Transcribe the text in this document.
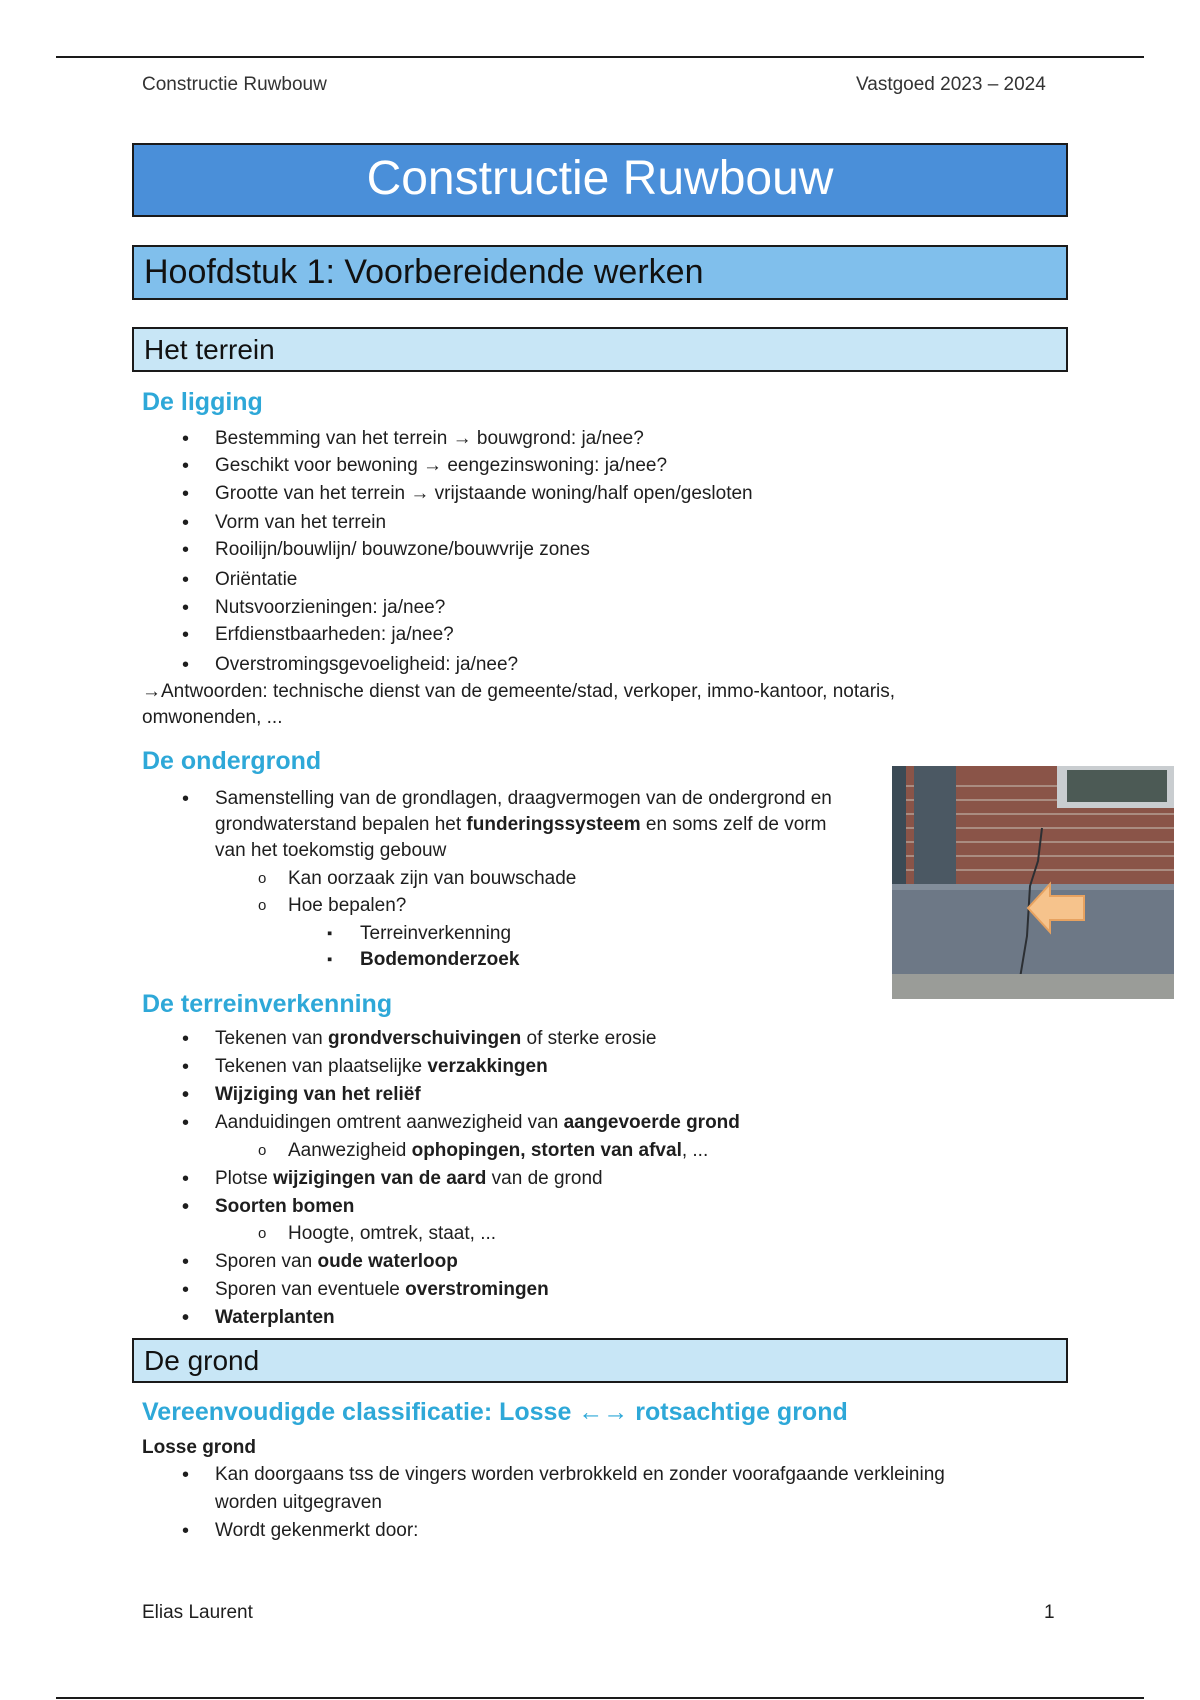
Constructie Ruwbouw	Vastgoed 2023 – 2024
Constructie Ruwbouw
Hoofdstuk 1: Voorbereidende werken
Het terrein
De ligging
• Bestemming van het terrein → bouwgrond: ja/nee?
• Geschikt voor bewoning → eengezinswoning: ja/nee?
• Grootte van het terrein → vrijstaande woning/half open/gesloten
• Vorm van het terrein
• Rooilijn/bouwlijn/ bouwzone/bouwvrije zones
• Oriëntatie
• Nutsvoorzieningen: ja/nee?
• Erfdienstbaarheden: ja/nee?
• Overstromingsgevoeligheid: ja/nee?
→Antwoorden: technische dienst van de gemeente/stad, verkoper, immo-kantoor, notaris,
omwonenden, ...
De ondergrond
• Samenstelling van de grondlagen, draagvermogen van de ondergrond en
grondwaterstand bepalen het funderingssysteem en soms zelf de vorm
van het toekomstig gebouw
o Kan oorzaak zijn van bouwschade
o Hoe bepalen?
▪ Terreinverkenning
▪ Bodemonderzoek
De terreinverkenning
• Tekenen van grondverschuivingen of sterke erosie
• Tekenen van plaatselijke verzakkingen
• Wijziging van het reliëf
• Aanduidingen omtrent aanwezigheid van aangevoerde grond
o Aanwezigheid ophopingen, storten van afval, ...
• Plotse wijzigingen van de aard van de grond
• Soorten bomen
o Hoogte, omtrek, staat, ...
• Sporen van oude waterloop
• Sporen van eventuele overstromingen
• Waterplanten
De grond
Vereenvoudigde classificatie: Losse ←→ rotsachtige grond
Losse grond
• Kan doorgaans tss de vingers worden verbrokkeld en zonder voorafgaande verkleining
worden uitgegraven
• Wordt gekenmerkt door:
Elias Laurent	1
